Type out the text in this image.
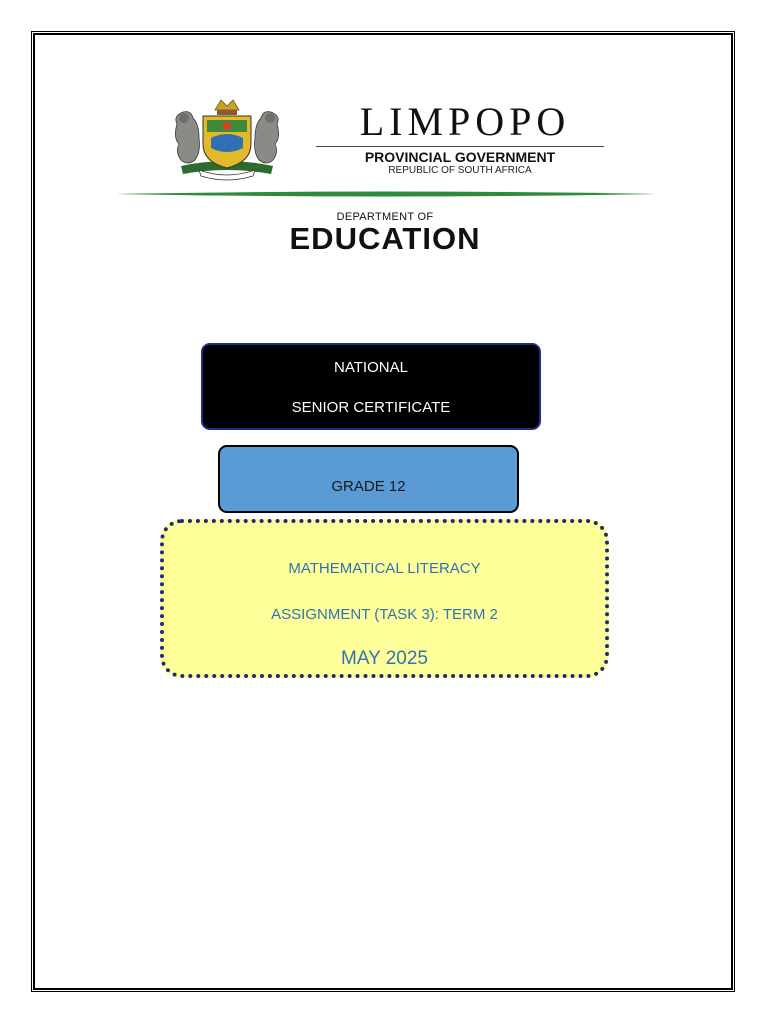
LIMPOPO
PROVINCIAL GOVERNMENT
REPUBLIC OF SOUTH AFRICA
DEPARTMENT OF
EDUCATION
NATIONAL
SENIOR CERTIFICATE
GRADE 12
MATHEMATICAL LITERACY
ASSIGNMENT (TASK 3): TERM 2
MAY 2025
